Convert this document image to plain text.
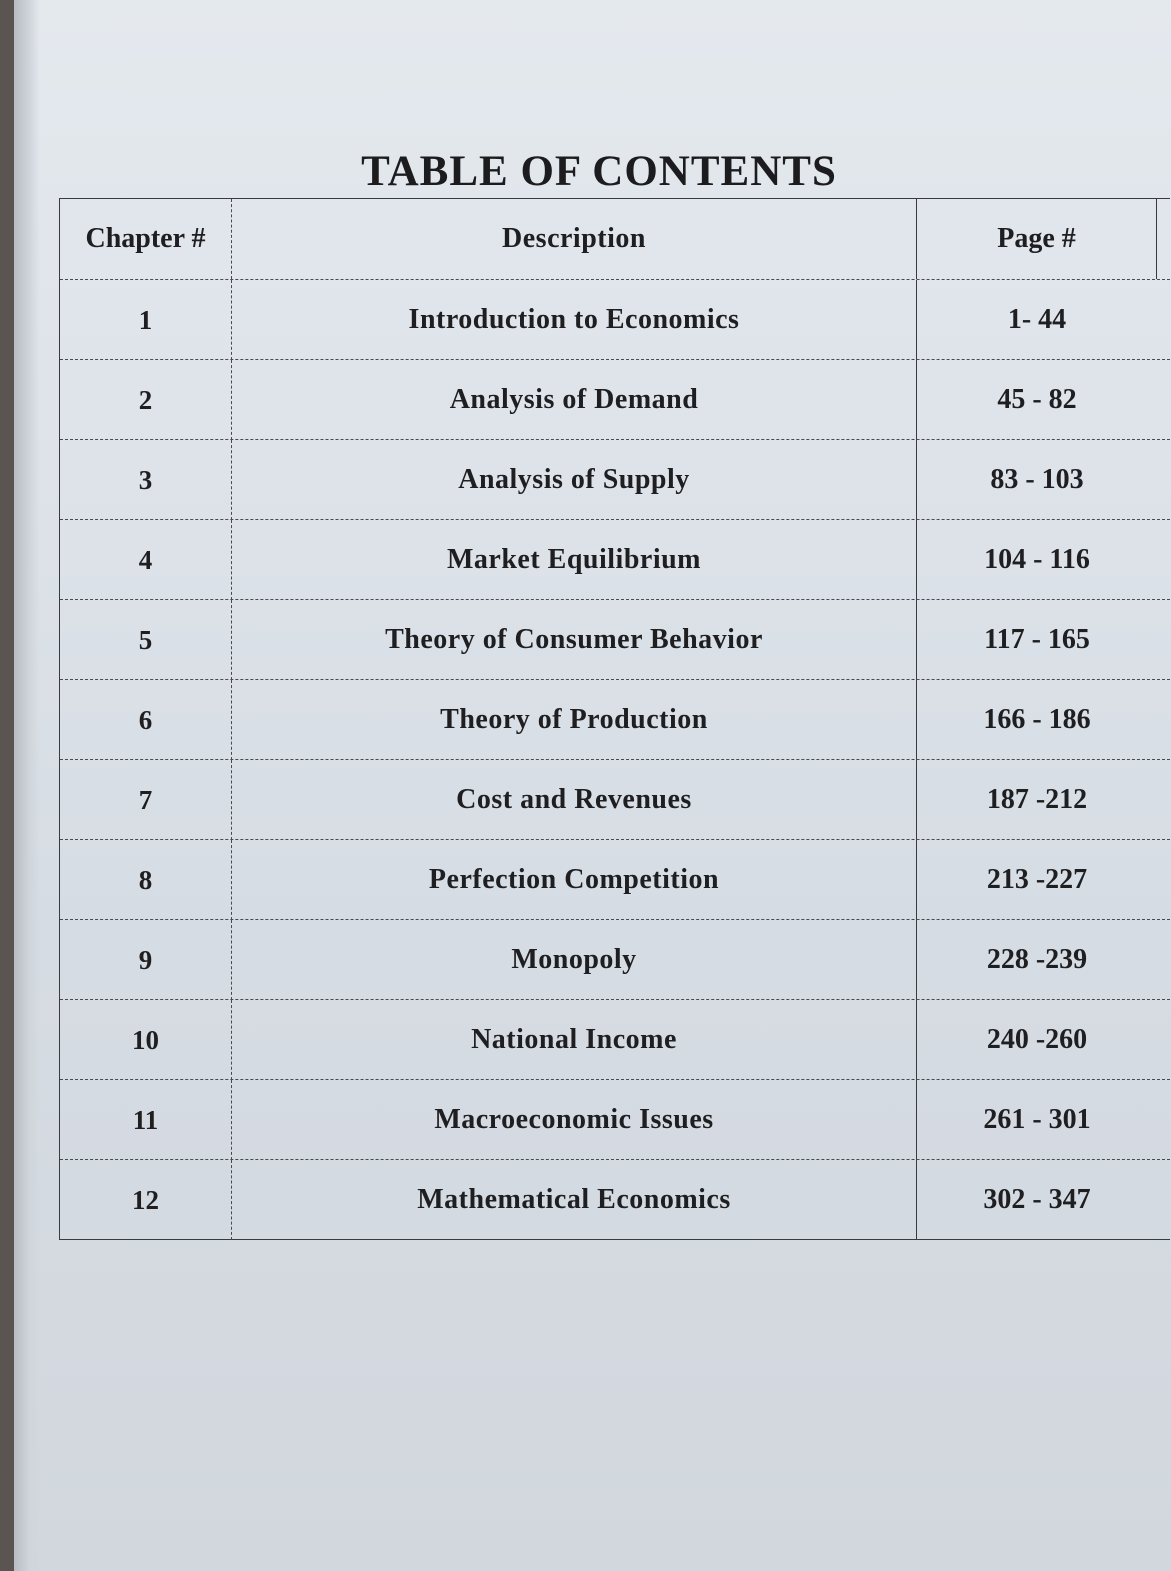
TABLE OF CONTENTS
Chapter #	Description	Page #
1	Introduction to Economics	1- 44
2	Analysis of Demand	45 - 82
3	Analysis of Supply	83 - 103
4	Market Equilibrium	104 - 116
5	Theory of Consumer Behavior	117 - 165
6	Theory of Production	166 - 186
7	Cost and Revenues	187 -212
8	Perfection Competition	213 -227
9	Monopoly	228 -239
10	National Income	240 -260
11	Macroeconomic Issues	261 - 301
12	Mathematical Economics	302 - 347
